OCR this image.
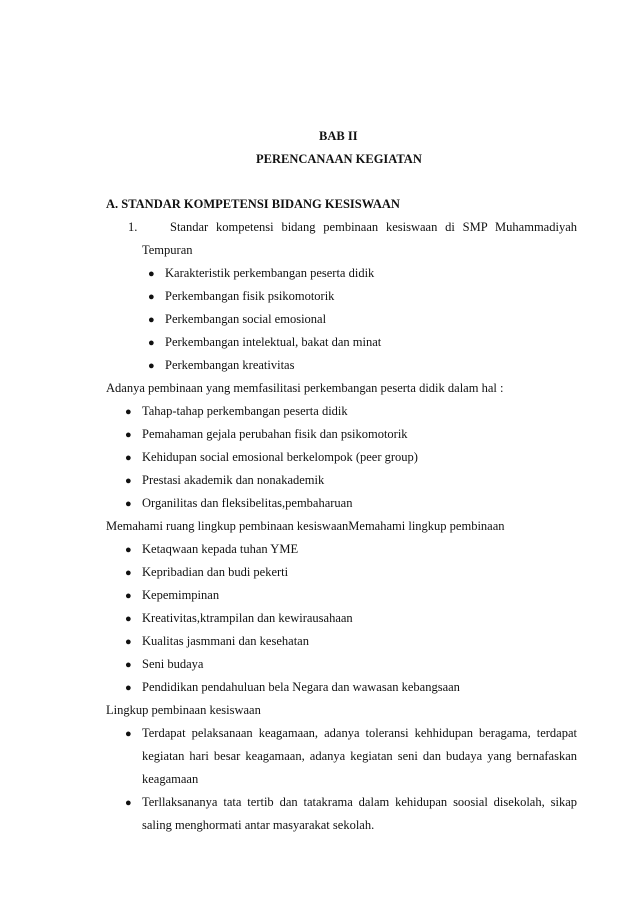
BAB II
PERENCANAAN KEGIATAN
A. STANDAR KOMPETENSI BIDANG KESISWAAN
1.	Standar kompetensi bidang pembinaan kesiswaan di SMP Muhammadiyah
Tempuran
● Karakteristik perkembangan peserta didik
● Perkembangan fisik psikomotorik
● Perkembangan social emosional
● Perkembangan intelektual, bakat dan minat
● Perkembangan kreativitas
Adanya pembinaan yang memfasilitasi perkembangan peserta didik dalam hal :
● Tahap-tahap perkembangan peserta didik
● Pemahaman gejala perubahan fisik dan psikomotorik
● Kehidupan social emosional berkelompok (peer group)
● Prestasi akademik dan nonakademik
● Organilitas dan fleksibelitas,pembaharuan
Memahami ruang lingkup pembinaan kesiswaanMemahami lingkup pembinaan
● Ketaqwaan kepada tuhan YME
● Kepribadian dan budi pekerti
● Kepemimpinan
● Kreativitas,ktrampilan dan kewirausahaan
● Kualitas jasmmani dan kesehatan
● Seni budaya
● Pendidikan pendahuluan bela Negara dan wawasan kebangsaan
Lingkup pembinaan kesiswaan
● Terdapat pelaksanaan keagamaan, adanya toleransi kehhidupan beragama, terdapat
kegiatan hari besar keagamaan, adanya kegiatan seni dan budaya yang bernafaskan
keagamaan
● Terllaksananya tata tertib dan tatakrama dalam kehidupan soosial disekolah, sikap
saling menghormati antar masyarakat sekolah.
